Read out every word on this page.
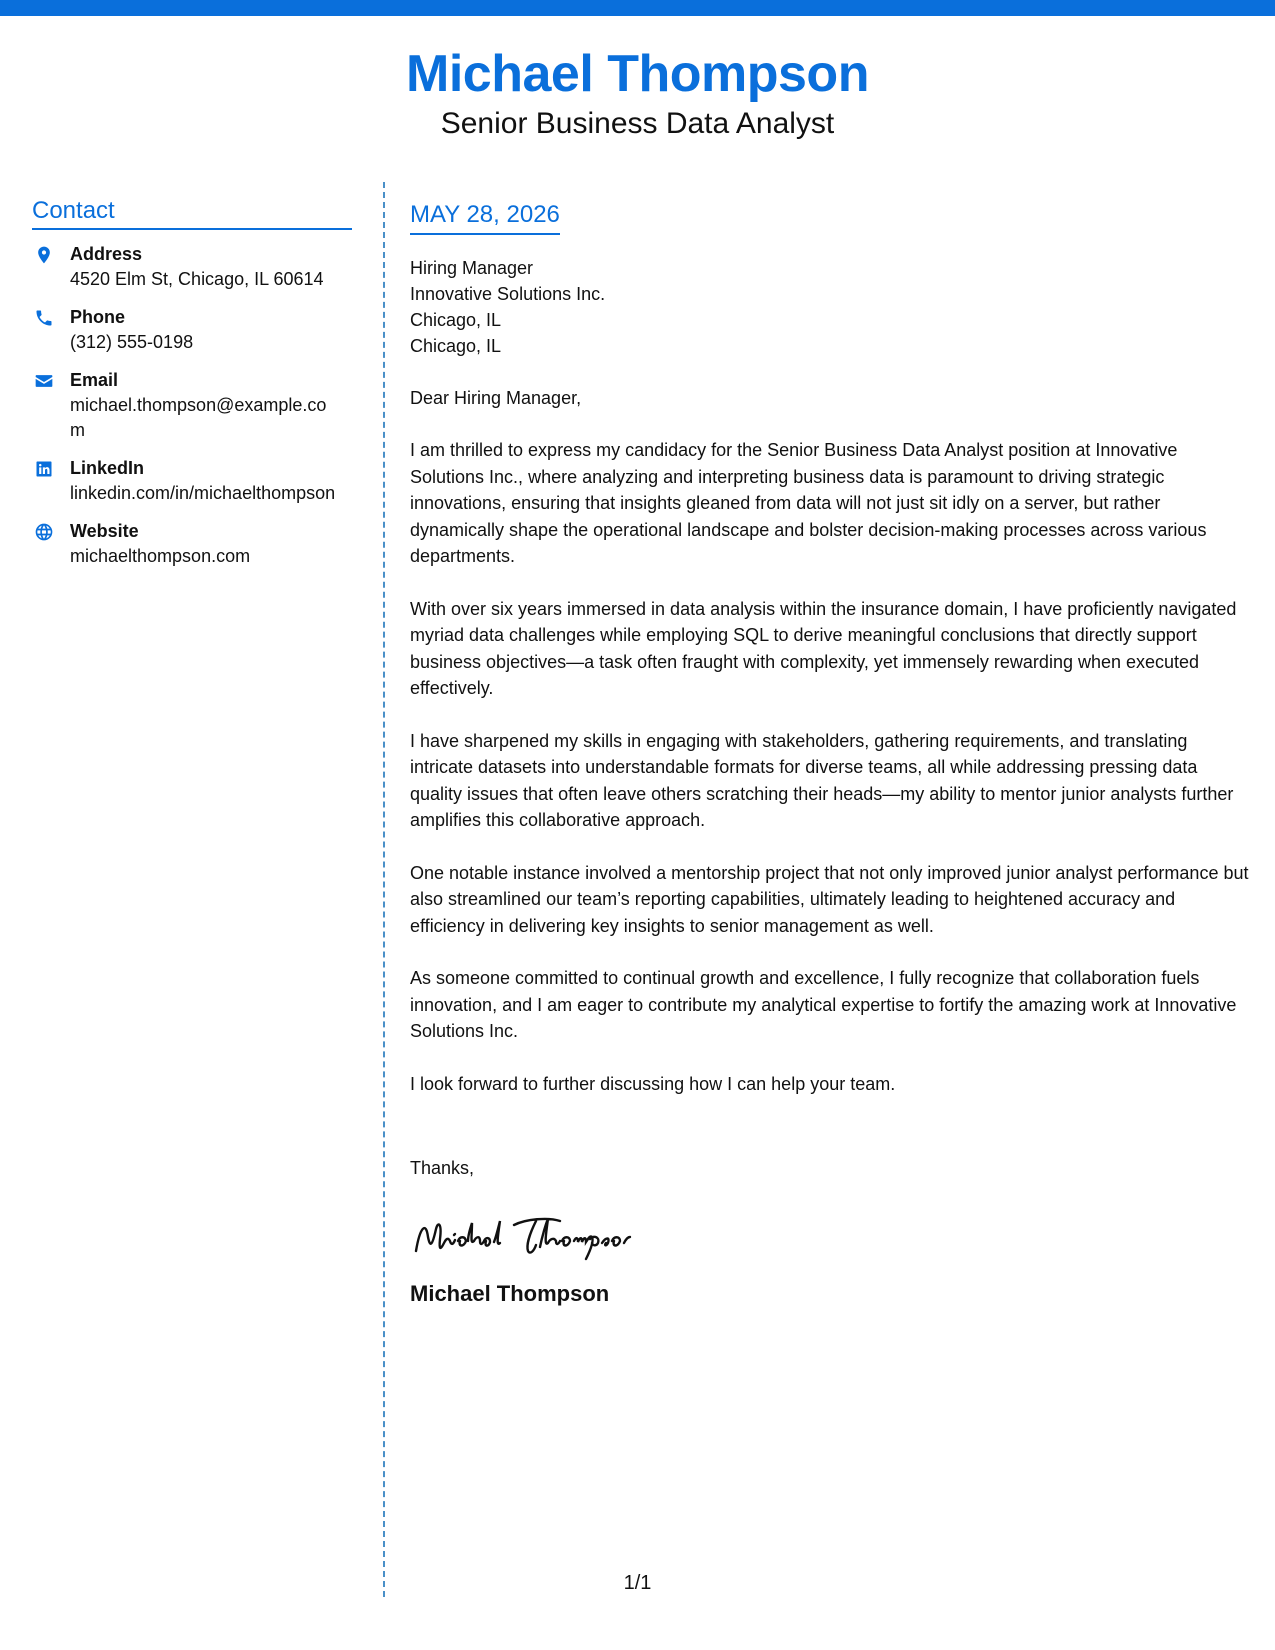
Michael Thompson
Senior Business Data Analyst
Contact
Address
4520 Elm St, Chicago, IL 60614
Phone
(312) 555-0198
Email
michael.thompson@example.com
LinkedIn
linkedin.com/in/michaelthompson
Website
michaelthompson.com
MAY 28, 2026
Hiring Manager
Innovative Solutions Inc.
Chicago, IL
Chicago, IL
Dear Hiring Manager,
I am thrilled to express my candidacy for the Senior Business Data Analyst position at Innovative Solutions Inc., where analyzing and interpreting business data is paramount to driving strategic innovations, ensuring that insights gleaned from data will not just sit idly on a server, but rather dynamically shape the operational landscape and bolster decision-making processes across various departments.
With over six years immersed in data analysis within the insurance domain, I have proficiently navigated myriad data challenges while employing SQL to derive meaningful conclusions that directly support business objectives—a task often fraught with complexity, yet immensely rewarding when executed effectively.
I have sharpened my skills in engaging with stakeholders, gathering requirements, and translating intricate datasets into understandable formats for diverse teams, all while addressing pressing data quality issues that often leave others scratching their heads—my ability to mentor junior analysts further amplifies this collaborative approach.
One notable instance involved a mentorship project that not only improved junior analyst performance but also streamlined our team’s reporting capabilities, ultimately leading to heightened accuracy and efficiency in delivering key insights to senior management as well.
As someone committed to continual growth and excellence, I fully recognize that collaboration fuels innovation, and I am eager to contribute my analytical expertise to fortify the amazing work at Innovative Solutions Inc.
I look forward to further discussing how I can help your team.
Thanks,
Michael Thompson
1/1
